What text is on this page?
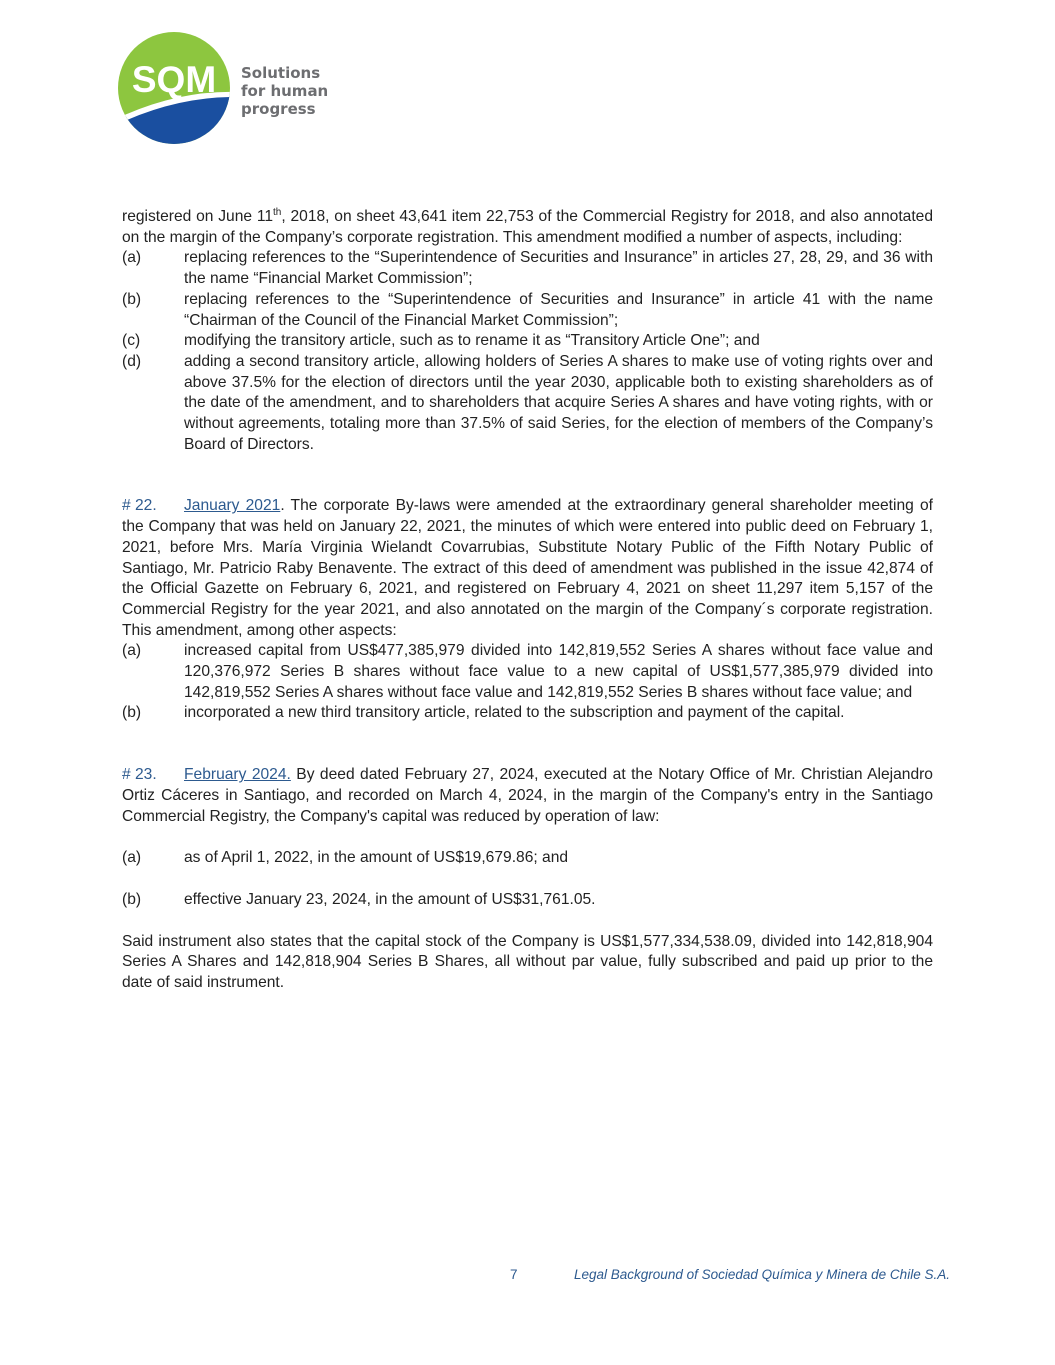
SQM Solutions
for human
progress

registered on June 11th, 2018, on sheet 43,641 item 22,753 of the Commercial Registry for 2018, and also annotated on the margin of the Company’s corporate registration. This amendment modified a number of aspects, including:

(a)	replacing references to the “Superintendence of Securities and Insurance” in articles 27, 28, 29, and 36 with the name “Financial Market Commission”;
(b)	replacing references to the “Superintendence of Securities and Insurance” in article 41 with the name “Chairman of the Council of the Financial Market Commission”;
(c)	modifying the transitory article, such as to rename it as “Transitory Article One”; and
(d)	adding a second transitory article, allowing holders of Series A shares to make use of voting rights over and above 37.5% for the election of directors until the year 2030, applicable both to existing shareholders as of the date of the amendment, and to shareholders that acquire Series A shares and have voting rights, with or without agreements, totaling more than 37.5% of said Series, for the election of members of the Company’s Board of Directors.

# 22. January 2021. The corporate By-laws were amended at the extraordinary general shareholder meeting of the Company that was held on January 22, 2021, the minutes of which were entered into public deed on February 1, 2021, before Mrs. María Virginia Wielandt Covarrubias, Substitute Notary Public of the Fifth Notary Public of Santiago, Mr. Patricio Raby Benavente. The extract of this deed of amendment was published in the issue 42,874 of the Official Gazette on February 6, 2021, and registered on February 4, 2021 on sheet 11,297 item 5,157 of the Commercial Registry for the year 2021, and also annotated on the margin of the Company´s corporate registration. This amendment, among other aspects:

(a)	increased capital from US$477,385,979 divided into 142,819,552 Series A shares without face value and 120,376,972 Series B shares without face value to a new capital of US$1,577,385,979 divided into 142,819,552 Series A shares without face value and 142,819,552 Series B shares without face value; and
(b)	incorporated a new third transitory article, related to the subscription and payment of the capital.

# 23. February 2024. By deed dated February 27, 2024, executed at the Notary Office of Mr. Christian Alejandro Ortiz Cáceres in Santiago, and recorded on March 4, 2024, in the margin of the Company's entry in the Santiago Commercial Registry, the Company's capital was reduced by operation of law:

(a)	as of April 1, 2022, in the amount of US$19,679.86; and
(b)	effective January 23, 2024, in the amount of US$31,761.05.

Said instrument also states that the capital stock of the Company is US$1,577,334,538.09, divided into 142,818,904 Series A Shares and 142,818,904 Series B Shares, all without par value, fully subscribed and paid up prior to the date of said instrument.

7	Legal Background of Sociedad Química y Minera de Chile S.A.
